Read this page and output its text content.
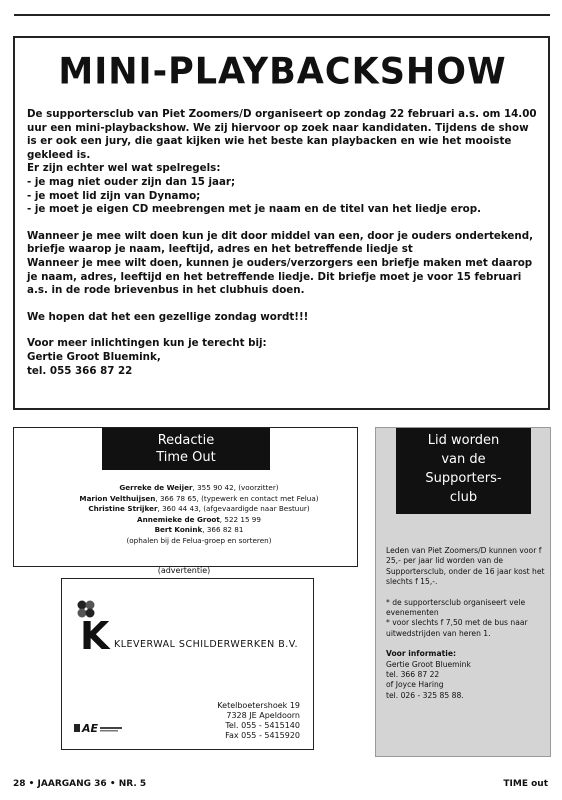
MINI-PLAYBACKSHOW

De supportersclub van Piet Zoomers/D organiseert op zondag 22 februari a.s. om 14.00 uur een mini-playbackshow. We zij hiervoor op zoek naar kandidaten. Tijdens de show is er ook een jury, die gaat kijken wie het beste kan playbacken en wie het mooiste gekleed is.

Er zijn echter wel wat spelregels:

- je mag niet ouder zijn dan 15 jaar;

- je moet lid zijn van Dynamo;

- je moet je eigen CD meebrengen met je naam en de titel van het liedje erop.

Wanneer je mee wilt doen kun je dit door middel van een, door je ouders ondertekend, briefje waarop je naam, leeftijd, adres en het betreffende liedje st

Wanneer je mee wilt doen, kunnen je ouders/verzorgers een briefje maken met daarop je naam, adres, leeftijd en het betreffende liedje. Dit briefje moet je voor 15 februari a.s. in de rode brievenbus in het clubhuis doen.

We hopen dat het een gezellige zondag wordt!!!

Voor meer inlichtingen kun je terecht bij:

Gertie Groot Bluemink,

tel. 055 366 87 22

Redactie
Time Out
Gerreke de Weijer, 355 90 42, (voorzitter)
Marion Velthuijsen, 366 78 65, (typewerk en contact met Felua)
Christine Strijker, 360 44 43, (afgevaardigde naar Bestuur)
Annemieke de Groot, 522 15 99
Bert Konink, 366 82 81
(ophalen bij de Felua-groep en sorteren)
(advertentie)
K KLEVERWAL SCHILDERWERKEN B.V.
AE
Ketelboetershoek 19
7328 JE Apeldoorn
Tel. 055 - 5415140
Fax 055 - 5415920
Lid worden
van de
Supporters-
club

Leden van Piet Zoomers/D kunnen voor f 25,- per jaar lid worden van de Supportersclub, onder de 16 jaar kost het slechts f 15,-.

* de supportersclub organiseert vele evenementen

* voor slechts f 7,50 met de bus naar uitwedstrijden van heren 1.

Voor informatie:

Gertie Groot Bluemink

tel. 366 87 22

of Joyce Haring

tel. 026 - 325 85 88.

28 • JAARGANG 36 • NR. 5	TIME out
